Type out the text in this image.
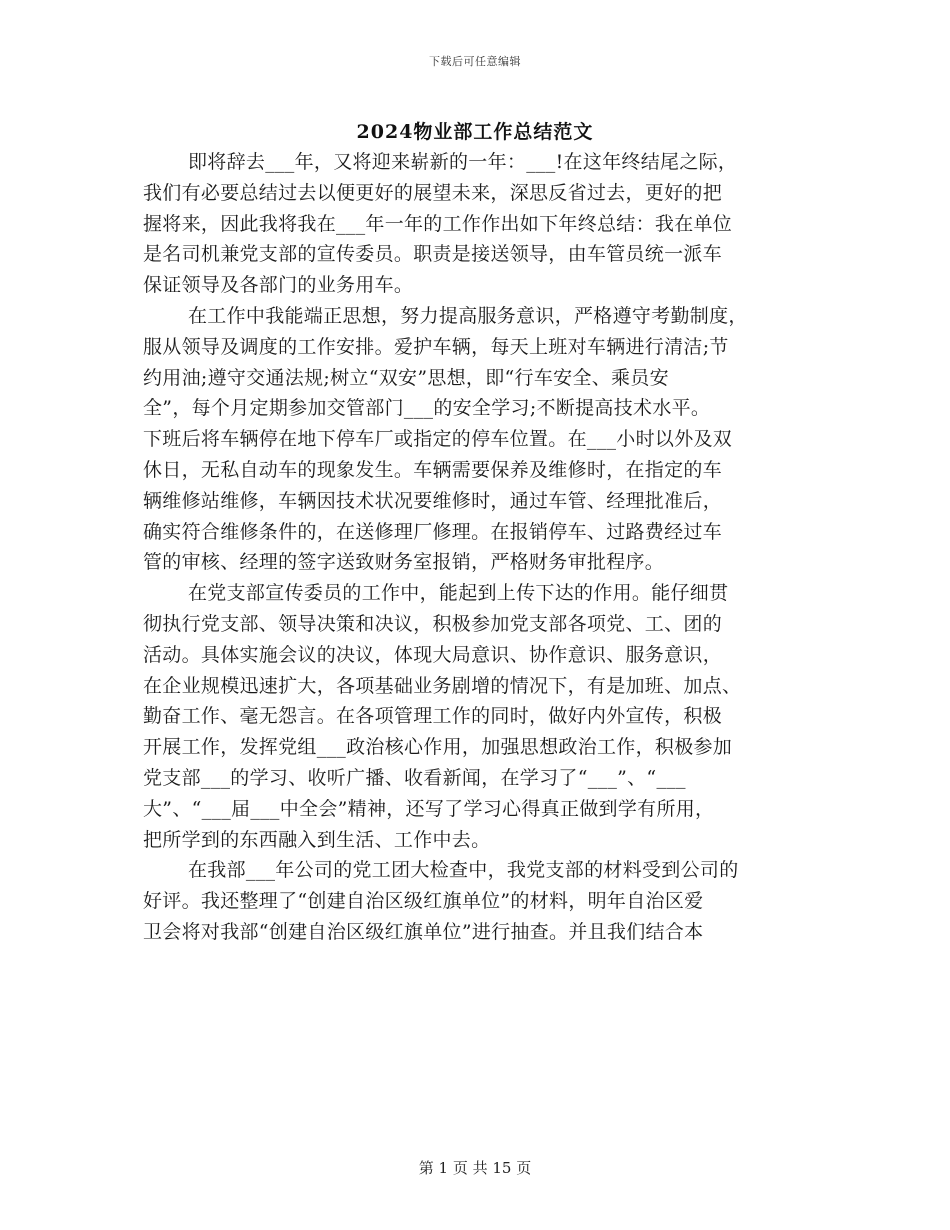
下载后可任意编辑
2024物业部工作总结范文

即将辞去___年，又将迎来崭新的一年：___!在这年终结尾之际，
我们有必要总结过去以便更好的展望未来，深思反省过去，更好的把
握将来，因此我将我在___年一年的工作作出如下年终总结：我在单位
是名司机兼党支部的宣传委员。职责是接送领导，由车管员统一派车
保证领导及各部门的业务用车。

在工作中我能端正思想，努力提高服务意识，严格遵守考勤制度，
服从领导及调度的工作安排。爱护车辆，每天上班对车辆进行清洁;节
约用油;遵守交通法规;树立“双安”思想，即“行车安全、乘员安
全”，每个月定期参加交管部门___的安全学习;不断提高技术水平。
下班后将车辆停在地下停车厂或指定的停车位置。在___小时以外及双
休日，无私自动车的现象发生。车辆需要保养及维修时，在指定的车
辆维修站维修，车辆因技术状况要维修时，通过车管、经理批准后，
确实符合维修条件的，在送修理厂修理。在报销停车、过路费经过车
管的审核、经理的签字送致财务室报销，严格财务审批程序。

在党支部宣传委员的工作中，能起到上传下达的作用。能仔细贯
彻执行党支部、领导决策和决议，积极参加党支部各项党、工、团的
活动。具体实施会议的决议，体现大局意识、协作意识、服务意识，
在企业规模迅速扩大，各项基础业务剧增的情况下，有是加班、加点、
勤奋工作、毫无怨言。在各项管理工作的同时，做好内外宣传，积极
开展工作，发挥党组___政治核心作用，加强思想政治工作，积极参加
党支部___的学习、收听广播、收看新闻，在学习了“___”、“___
大”、“___届___中全会”精神，还写了学习心得真正做到学有所用，
把所学到的东西融入到生活、工作中去。

在我部___年公司的党工团大检查中，我党支部的材料受到公司的
好评。我还整理了“创建自治区级红旗单位”的材料，明年自治区爱
卫会将对我部“创建自治区级红旗单位”进行抽查。并且我们结合本

第 1 页 共 15 页
